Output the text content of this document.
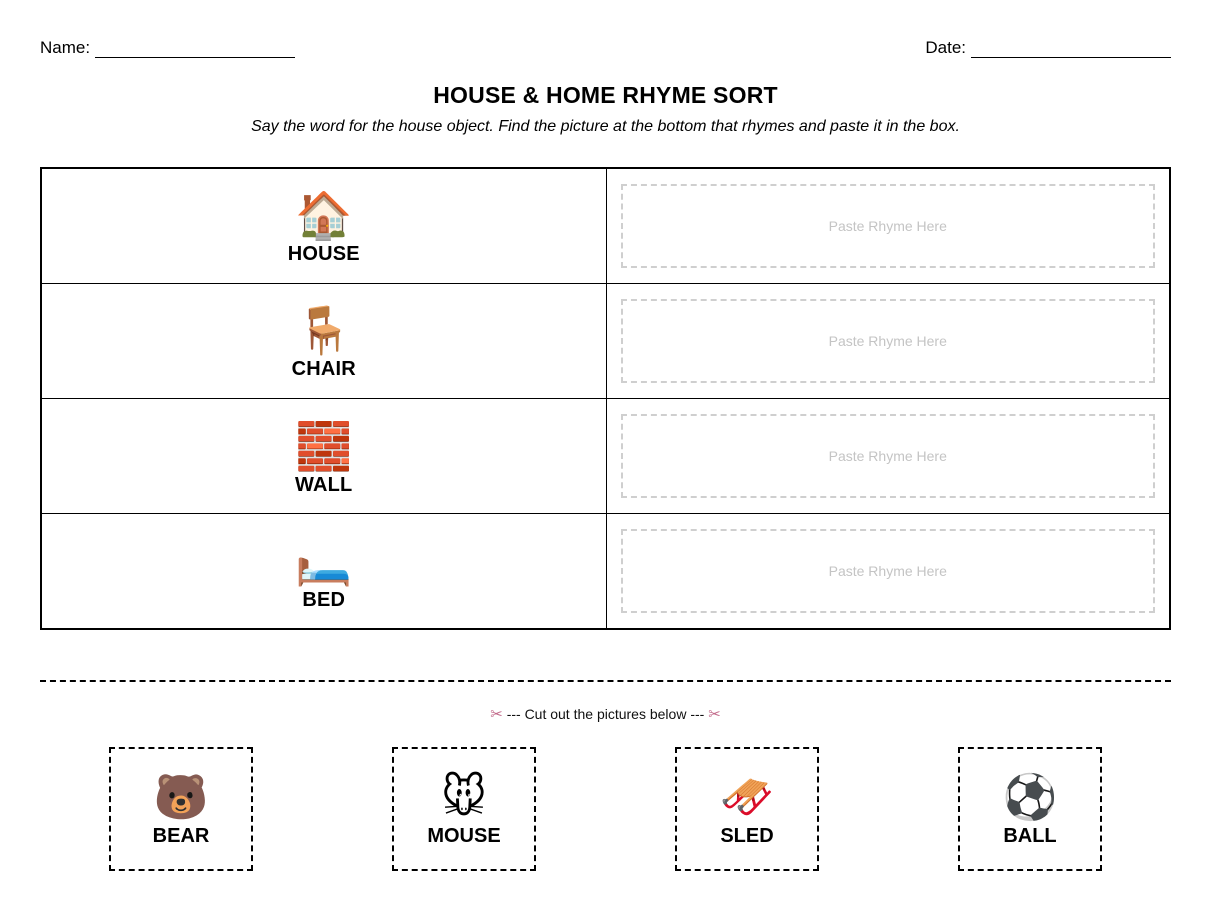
Name:	Date:
HOUSE & HOME RHYME SORT
Say the word for the house object. Find the picture at the bottom that rhymes and paste it in the box.
🏠
HOUSE	Paste Rhyme Here

🪑
CHAIR	Paste Rhyme Here

🧱
WALL	Paste Rhyme Here

🛏️
BED	Paste Rhyme Here
✂ --- Cut out the pictures below --- ✂
🐻
BEAR
🐭
MOUSE
🛷
SLED
⚽
BALL
